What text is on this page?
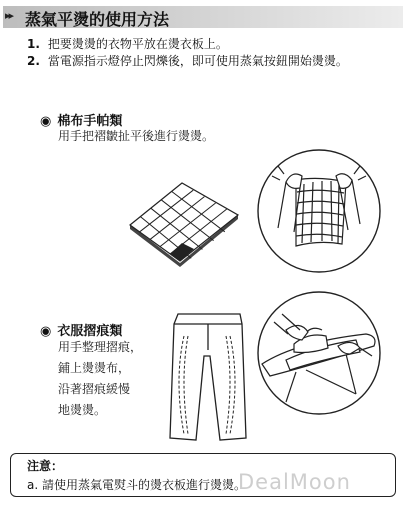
▸▸ 蒸氣平燙的使用方法
1. 把要燙燙的衣物平放在燙衣板上。
2. 當電源指示燈停止閃爍後，即可使用蒸氣按鈕開始燙燙。
◉ 棉布手帕類
用手把褶皺扯平後進行燙燙。
◉ 衣服摺痕類
用手整理摺痕，
鋪上燙燙布，
沿著摺痕緩慢
地燙燙。
注意：
a. 請使用蒸氣電熨斗的燙衣板進行燙燙。
DealMoon
